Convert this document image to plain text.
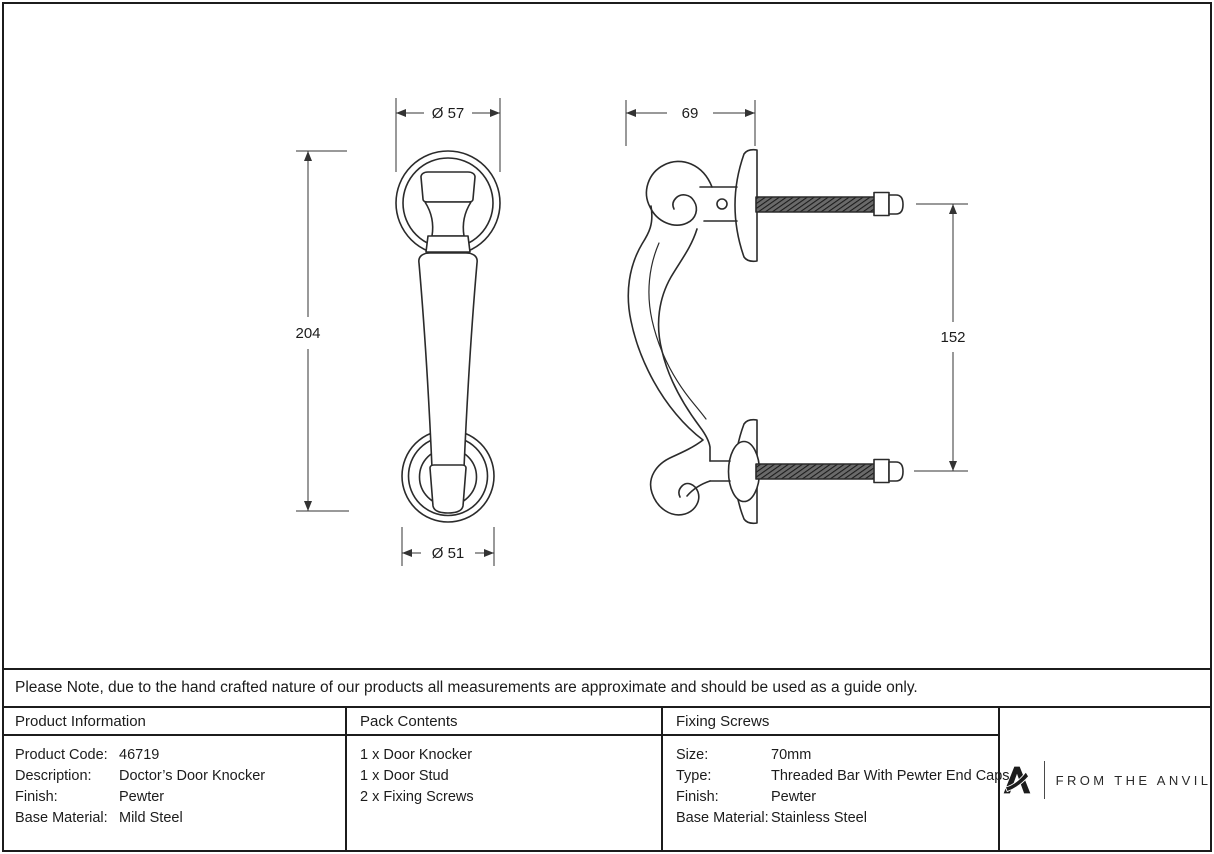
Ø 57
204
Ø 51
69
152
Please Note, due to the hand crafted nature of our products all measurements are approximate and should be used as a guide only.
Product Information
Product Code: 46719
Description:	Doctor’s Door Knocker
Finish:	Pewter
Base Material: Mild Steel
Pack Contents
1 x Door Knocker
1 x Door Stud
2 x Fixing Screws
Fixing Screws
Size:	70mm
Type:	Threaded Bar With Pewter End Caps
Finish:	Pewter
Base Material: Stainless Steel
FROM THE ANVIL
